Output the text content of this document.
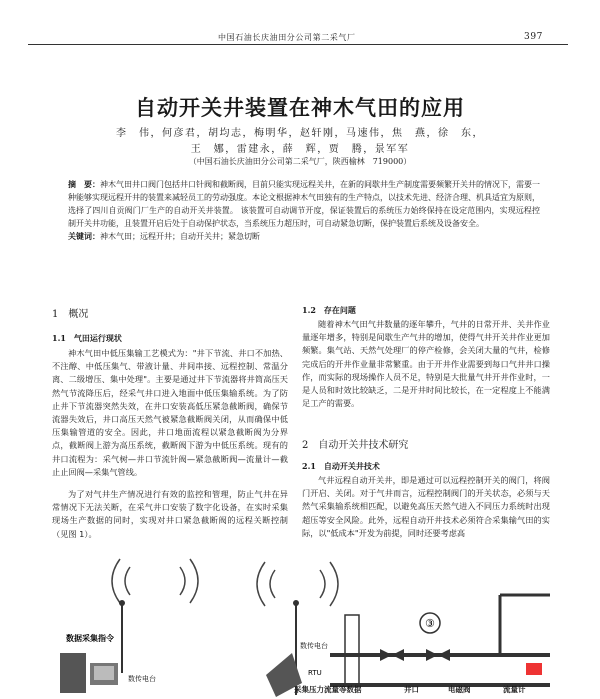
中国石油长庆油田分公司第二采气厂	397
自动开关井装置在神木气田的应用
李　伟，何彦君，胡均志，梅明华，赵轩刚，马速伟，焦　燕，徐　东，
王　娜，雷建永，薛　辉，贾　腾，景军军
（中国石油长庆油田分公司第二采气厂，陕西榆林　719000）
摘　要：神木气田井口阀门包括井口针阀和截断阀，目前只能实现远程关井，在新的间歇井生产制度需要频繁开关井的情况下，需要一种能够实现远程开井的装置来减轻员工的劳动强度。本论文根据神木气田独有的生产特点，以技术先进、经济合理、机具适宜为原则，选择了四川自贡阀门厂生产的自动开关井装置。 该装置可自动调节开度，保证装置后的系统压力始终保持在设定范围内，实现远程控制开关井功能，且装置开启后处于自动保护状态，当系统压力超压时，可自动紧急切断，保护装置后系统及设备安全。
关键词：神木气田；远程开井；自动开关井；紧急切断
1　概况
1.1　气田运行现状
神木气田中低压集输工艺模式为："井下节流、井口不加热、不注醇、中低压集气、带液计量、井间串接、远程控制、常温分离、二级增压、集中处理"。主要是通过井下节流器将井筒高压天然气节流降压后，经采气井口进入地面中低压集输系统。为了防止井下节流器突然失效，在井口安装高低压紧急截断阀，确保节流器失效后，井口高压天然气被紧急截断阀关闭，从而确保中低压集输管道的安全。因此，井口地面流程以紧急截断阀为分界点，截断阀上游为高压系统，截断阀下游为中低压系统。现有的井口流程为：采气树—井口节流针阀—紧急截断阀—流量计—截止止回阀—采集气管线。
为了对气井生产情况进行有效的监控和管理，防止气井在异常情况下无法关断，在采气井口安装了数字化设备，在实时采集现场生产数据的同时，实现对井口紧急截断阀的远程关断控制（见图 1）。
1.2　存在问题
随着神木气田气井数量的逐年攀升，气井的日常开井、关井作业量逐年增多，特别是间歇生产气井的增加，使得气井开关井作业更加频繁。集气站、天然气处理厂的停产检修，会关闭大量的气井，检修完成后的开井作业量非常繁重。由于开井作业需要到每口气井井口操作，而实际的现场操作人员不足，特别是大批量气井开井作业时，一是人员和时效比较缺乏，二是开井时间比较长，在一定程度上不能满足工产的需要。
2　自动开关井技术研究
2.1　自动开关井技术
气井远程自动开关井，即是通过可以远程控制开关的阀门，将阀门开启、关闭。对于气井而言，远程控制阀门的开关状态，必须与天然气采集输系统相匹配，以避免高压天然气进入不同压力系统时出现超压等安全风险。此外，远程自动开井技术必须符合采集输气田的实际，以"低成本"开发为前提，同时还要考虑高
数据采集指令
数传电台
数传电台
RTU
③
采集压力流量等数据	井口	电磁阀	流量计
